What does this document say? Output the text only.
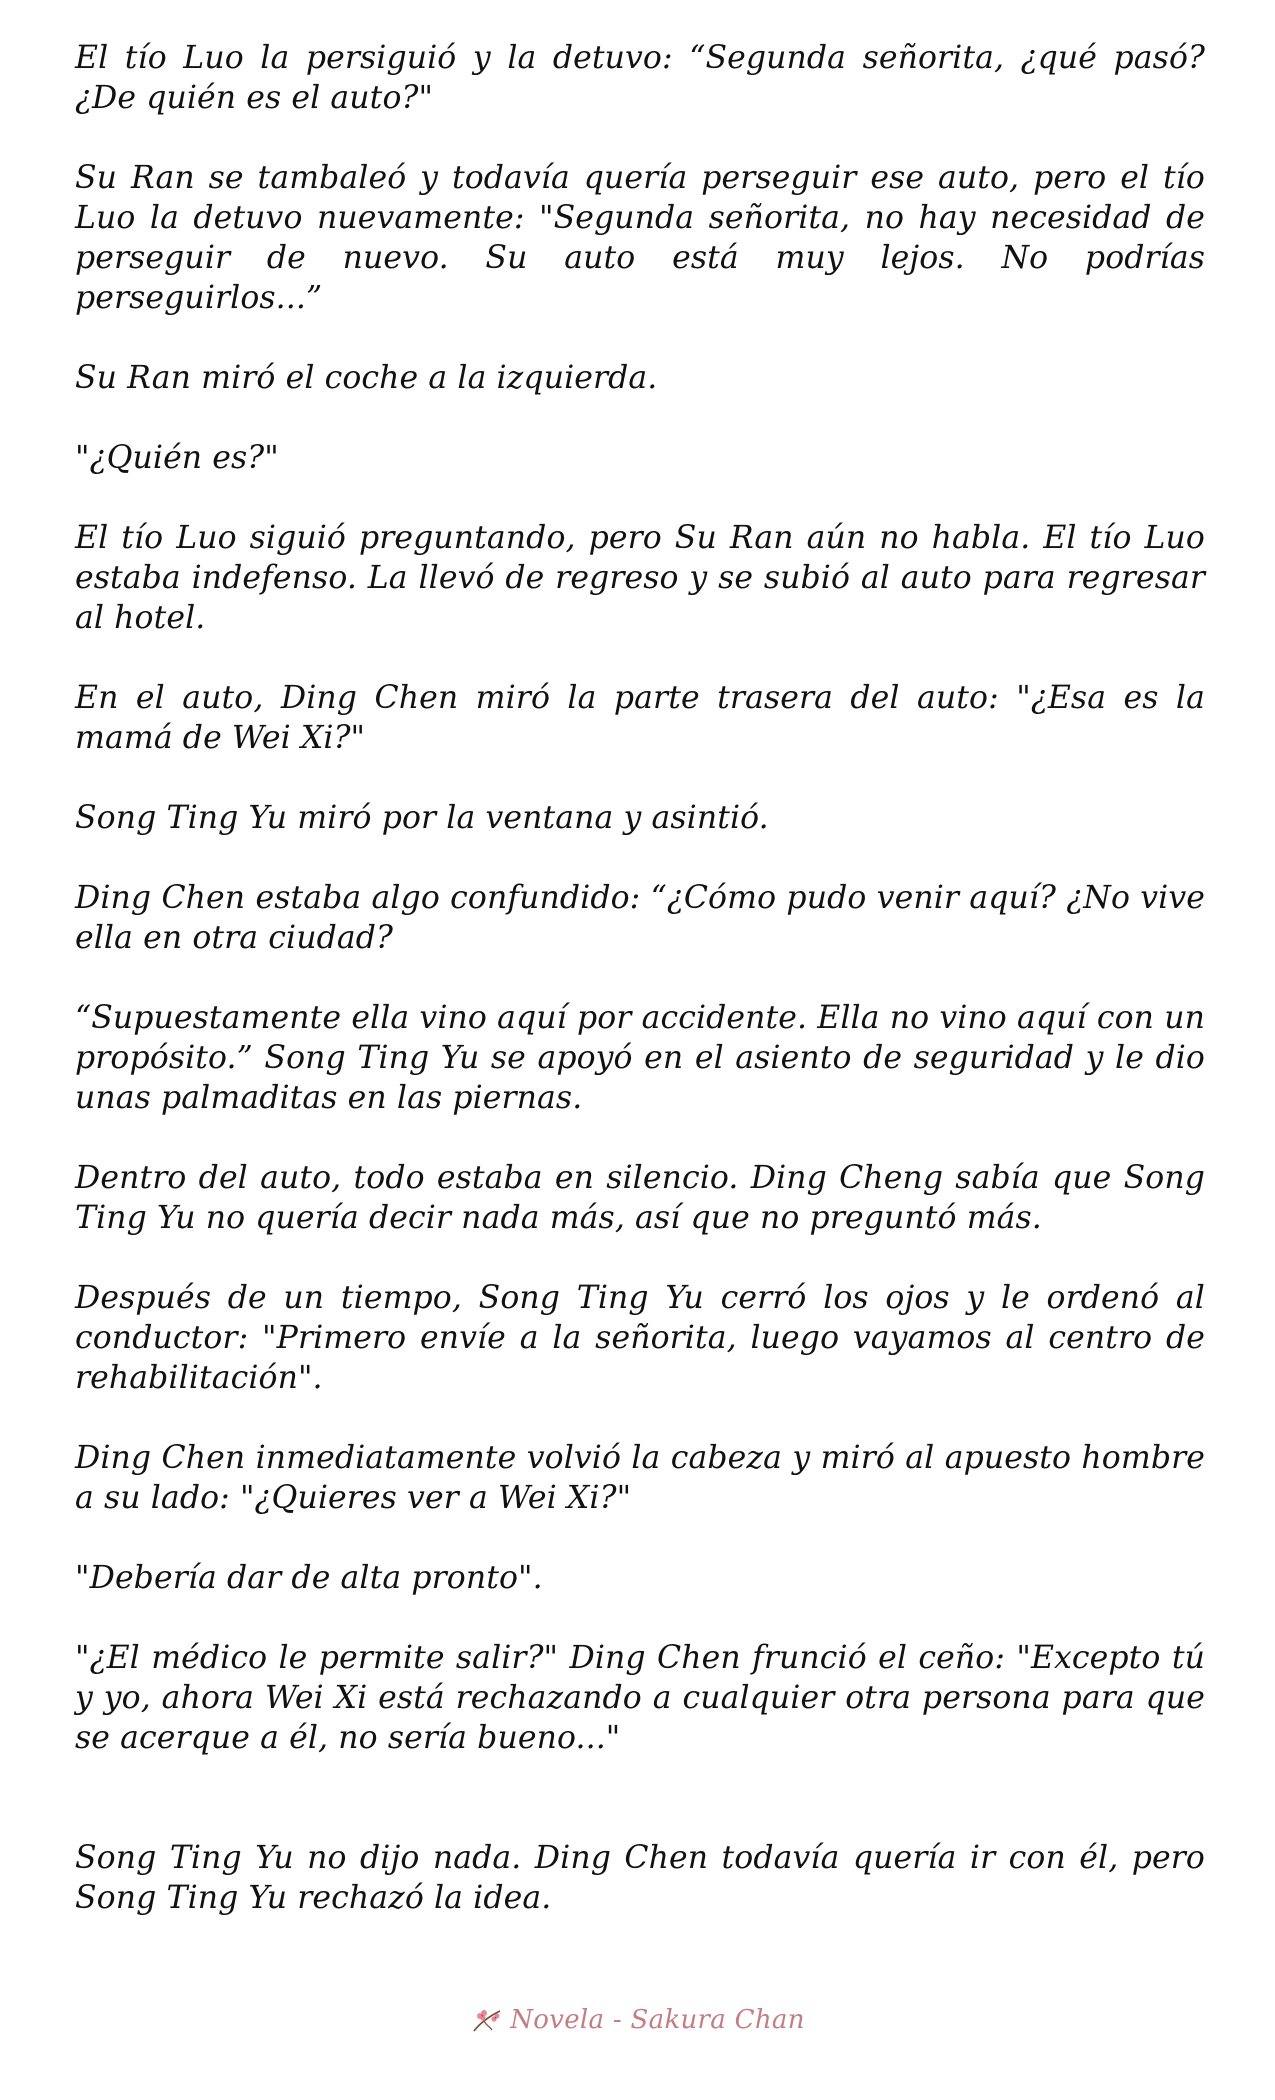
El tío Luo la persiguió y la detuvo: “Segunda señorita, ¿qué pasó? ¿De quién es el auto?"

Su Ran se tambaleó y todavía quería perseguir ese auto, pero el tío Luo la detuvo nuevamente: "Segunda señorita, no hay necesidad de perseguir de nuevo. Su auto está muy lejos. No podrías perseguirlos...”

Su Ran miró el coche a la izquierda.

"¿Quién es?"

El tío Luo siguió preguntando, pero Su Ran aún no habla. El tío Luo estaba indefenso. La llevó de regreso y se subió al auto para regresar al hotel.

En el auto, Ding Chen miró la parte trasera del auto: "¿Esa es la mamá de Wei Xi?"

Song Ting Yu miró por la ventana y asintió.

Ding Chen estaba algo confundido: “¿Cómo pudo venir aquí? ¿No vive ella en otra ciudad?

“Supuestamente ella vino aquí por accidente. Ella no vino aquí con un propósito.” Song Ting Yu se apoyó en el asiento de seguridad y le dio unas palmaditas en las piernas.

Dentro del auto, todo estaba en silencio. Ding Cheng sabía que Song Ting Yu no quería decir nada más, así que no preguntó más.

Después de un tiempo, Song Ting Yu cerró los ojos y le ordenó al conductor: "Primero envíe a la señorita, luego vayamos al centro de rehabilitación".

Ding Chen inmediatamente volvió la cabeza y miró al apuesto hombre a su lado: "¿Quieres ver a Wei Xi?"

"Debería dar de alta pronto".

"¿El médico le permite salir?" Ding Chen frunció el ceño: "Excepto tú y yo, ahora Wei Xi está rechazando a cualquier otra persona para que se acerque a él, no sería bueno..."

Song Ting Yu no dijo nada. Ding Chen todavía quería ir con él, pero Song Ting Yu rechazó la idea.

Novela - Sakura Chan
